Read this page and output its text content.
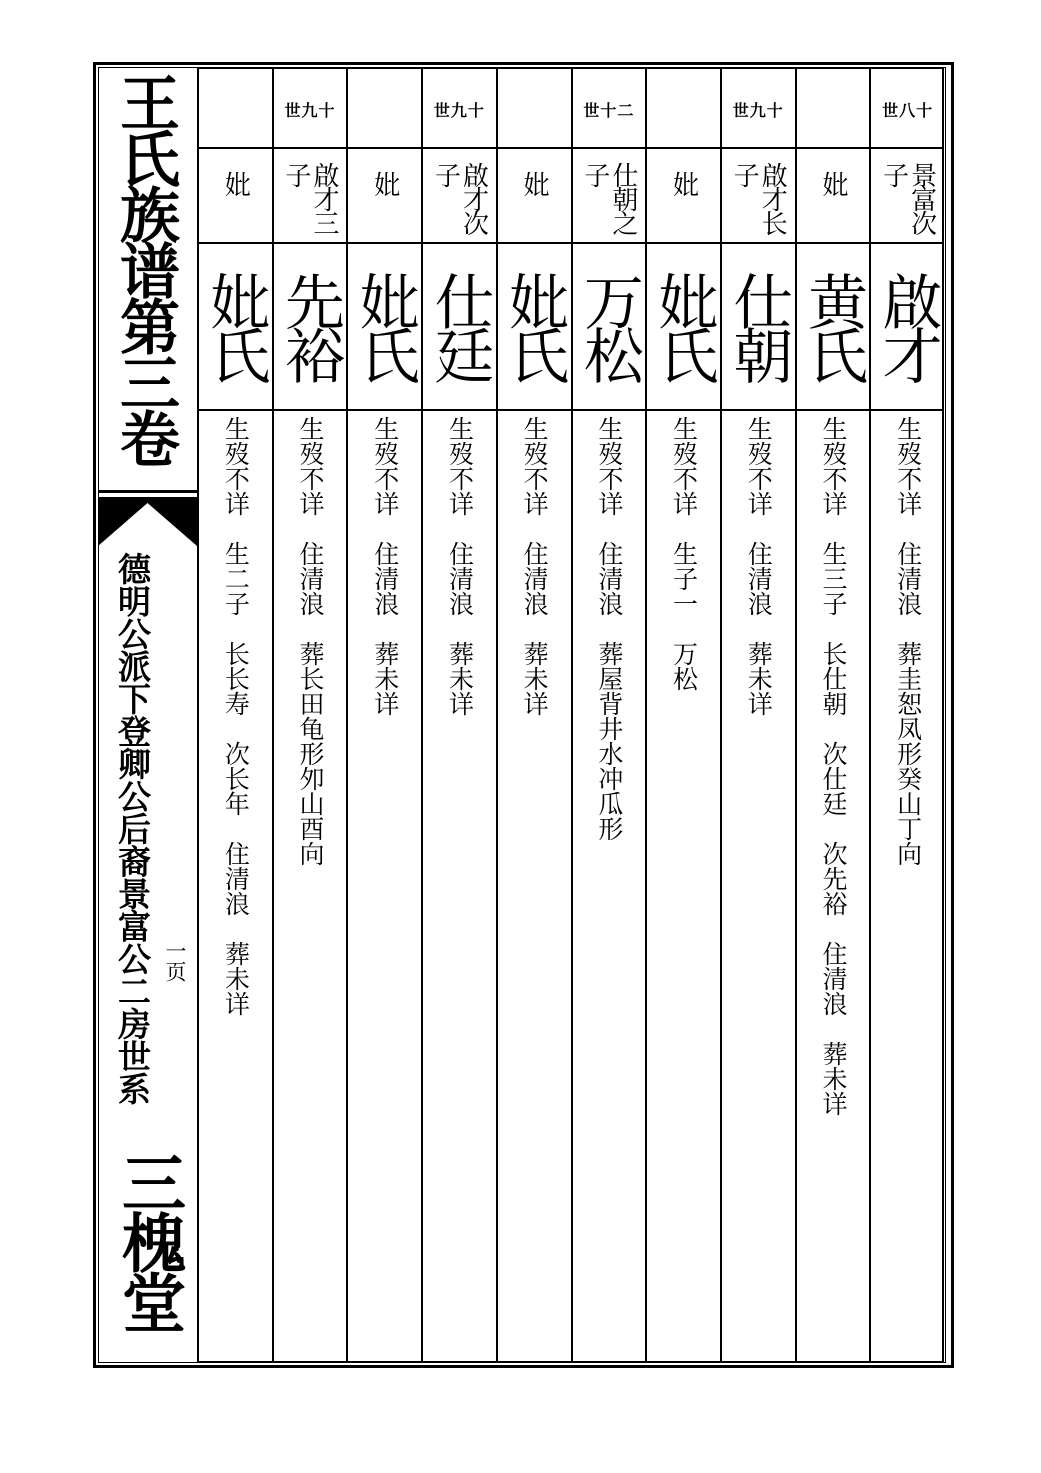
王氏族谱第三卷
德明公派下登卿公后裔景富公二房世系 一页
三槐堂
世八十
景富次子
啟才
生歿不详　住清浪　葬圭恕凤形癸山丁向
妣
黄氏
生歿不详　生三子　长仕朝　次仕廷　次先裕　住清浪　葬未详
世九十
啟才长子
仕朝
生歿不详　住清浪　葬未详
妣
妣氏
生歿不详　生子一　万松
世十二
仕朝之子
万松
生歿不详　住清浪　葬屋背井水冲瓜形
妣
妣氏
生歿不详　住清浪　葬未详
世九十
啟才次子
仕廷
生歿不详　住清浪　葬未详
妣
妣氏
生歿不详　住清浪　葬未详
世九十
啟才三子
先裕
生歿不详　住清浪　葬长田龟形夘山酉向
妣
妣氏
生歿不详　生二子　长长寿　次长年　住清浪　葬未详
